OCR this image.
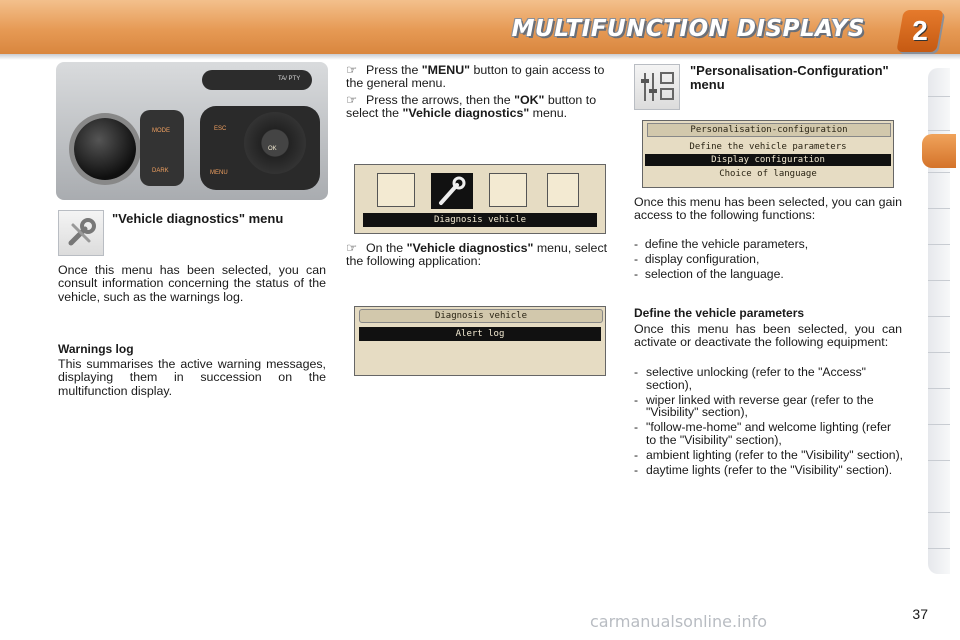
MULTIFUNCTION DISPLAYS	2
TA/ PTY
MODE
DARK
OK
ESC
MENU
"Vehicle diagnostics" menu
Once this menu has been selected, you can consult information concerning the status of the vehicle, such as the warnings log.
Warnings log
This summarises the active warning messages, displaying them in succession on the multifunction display.
☞ Press the "MENU" button to gain access to the general menu.
☞ Press the arrows, then the "OK" button to select the "Vehicle diagnostics" menu.
Diagnosis vehicle
☞ On the "Vehicle diagnostics" menu, select the following application:
Diagnosis vehicle
Alert log
"Personalisation-Configuration" menu
Personalisation-configuration
Define the vehicle parameters
Display configuration
Choice of language
Once this menu has been selected, you can gain access to the following functions:
-  define the vehicle parameters,
-  display configuration,
-  selection of the language.
Define the vehicle parameters
Once this menu has been selected, you can activate or deactivate the following equipment:
- selective unlocking (refer to the "Access" section),
- wiper linked with reverse gear (refer to the "Visibility" section),
- "follow-me-home" and welcome lighting (refer to the "Visibility" section),
- ambient lighting (refer to the "Visibility" section),
- daytime lights (refer to the "Visibility" section).
37
carmanualsonline.info
